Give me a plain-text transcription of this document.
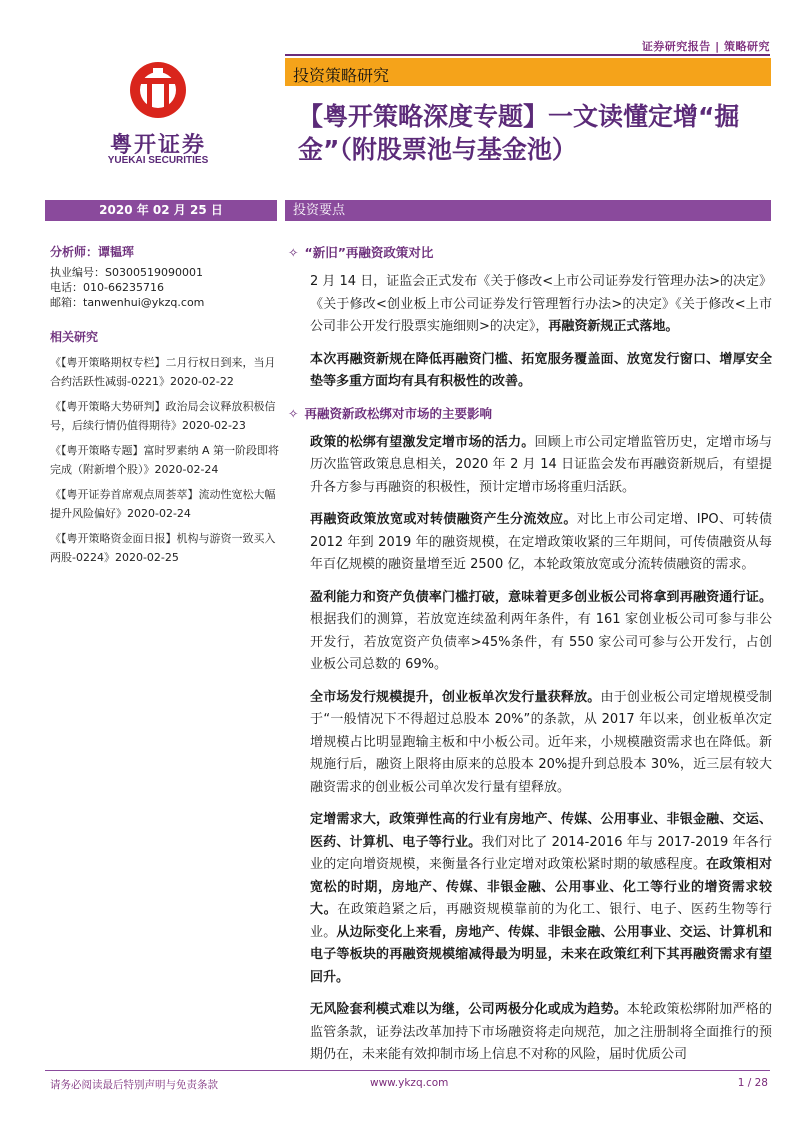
证券研究报告 | 策略研究
粤开证券
YUEKAI SECURITIES
投资策略研究
【粤开策略深度专题】一文读懂定增“掘金”（附股票池与基金池）
2020 年 02 月 25 日	投资要点
分析师：谭韫珲
执业编号：S0300519090001
电话：010-66235716
邮箱：tanwenhui@ykzq.com
相关研究
《【粤开策略期权专栏】二月行权日到来，当月合约活跃性减弱-0221》2020-02-22
《【粤开策略大势研判】政治局会议释放积极信号，后续行情仍值得期待》2020-02-23
《【粤开策略专题】富时罗素纳 A 第一阶段即将完成（附新增个股）》2020-02-24
《【粤开证券首席观点周荟萃】流动性宽松大幅提升风险偏好》2020-02-24
《【粤开策略资金面日报】机构与游资一致买入两股-0224》2020-02-25
✧ “新旧”再融资政策对比

2 月 14 日，证监会正式发布《关于修改<上市公司证券发行管理办法>的决定》《关于修改<创业板上市公司证券发行管理暂行办法>的决定》《关于修改<上市公司非公开发行股票实施细则>的决定》，再融资新规正式落地。

本次再融资新规在降低再融资门槛、拓宽服务覆盖面、放宽发行窗口、增厚安全垫等多重方面均有具有积极性的改善。

✧ 再融资新政松绑对市场的主要影响

政策的松绑有望激发定增市场的活力。回顾上市公司定增监管历史，定增市场与历次监管政策息息相关，2020 年 2 月 14 日证监会发布再融资新规后，有望提升各方参与再融资的积极性，预计定增市场将重归活跃。

再融资政策放宽或对转债融资产生分流效应。对比上市公司定增、IPO、可转债 2012 年到 2019 年的融资规模，在定增政策收紧的三年期间，可传债融资从每年百亿规模的融资量增至近 2500 亿，本轮政策放宽或分流转债融资的需求。

盈利能力和资产负债率门槛打破，意味着更多创业板公司将拿到再融资通行证。根据我们的测算，若放宽连续盈利两年条件，有 161 家创业板公司可参与非公开发行，若放宽资产负债率>45%条件，有 550 家公司可参与公开发行，占创业板公司总数的 69%。

全市场发行规模提升，创业板单次发行量获释放。由于创业板公司定增规模受制于“一般情况下不得超过总股本 20%”的条款，从 2017 年以来，创业板单次定增规模占比明显跑输主板和中小板公司。近年来，小规模融资需求也在降低。新规施行后，融资上限将由原来的总股本 20%提升到总股本 30%，近三层有较大融资需求的创业板公司单次发行量有望释放。

定增需求大，政策弹性高的行业有房地产、传媒、公用事业、非银金融、交运、医药、计算机、电子等行业。我们对比了 2014-2016 年与 2017-2019 年各行业的定向增资规模，来衡量各行业定增对政策松紧时期的敏感程度。在政策相对宽松的时期，房地产、传媒、非银金融、公用事业、化工等行业的增资需求较大。在政策趋紧之后，再融资规模靠前的为化工、银行、电子、医药生物等行业。从边际变化上来看，房地产、传媒、非银金融、公用事业、交运、计算机和电子等板块的再融资规模缩减得最为明显，未来在政策红利下其再融资需求有望回升。

无风险套利模式难以为继，公司两极分化或成为趋势。本轮政策松绑附加严格的监管条款，证券法改革加持下市场融资将走向规范，加之注册制将全面推行的预期仍在，未来能有效抑制市场上信息不对称的风险，届时优质公司

请务必阅读最后特别声明与免责条款	www.ykzq.com	1 / 28
